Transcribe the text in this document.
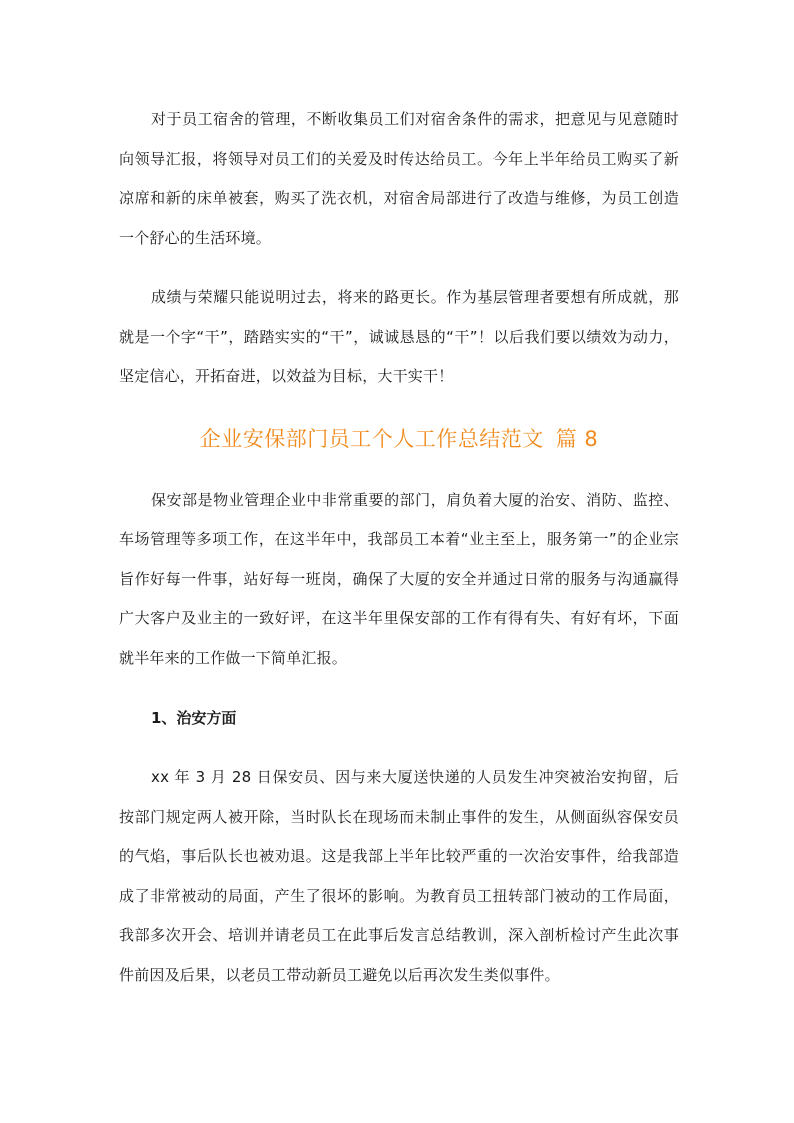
对于员工宿舍的管理，不断收集员工们对宿舍条件的需求，把意见与见意随时向领导汇报，将领导对员工们的关爱及时传达给员工。今年上半年给员工购买了新凉席和新的床单被套，购买了洗衣机，对宿舍局部进行了改造与维修，为员工创造一个舒心的生活环境。

成绩与荣耀只能说明过去，将来的路更长。作为基层管理者要想有所成就，那就是一个字“干”，踏踏实实的“干”，诚诚恳恳的“干”！以后我们要以绩效为动力，坚定信心，开拓奋进，以效益为目标，大干实干！

企业安保部门员工个人工作总结范文 篇 8

保安部是物业管理企业中非常重要的部门，肩负着大厦的治安、消防、监控、车场管理等多项工作，在这半年中，我部员工本着“业主至上，服务第一”的企业宗旨作好每一件事，站好每一班岗，确保了大厦的安全并通过日常的服务与沟通赢得广大客户及业主的一致好评，在这半年里保安部的工作有得有失、有好有坏，下面就半年来的工作做一下简单汇报。

1、治安方面

xx 年 3 月 28 日保安员、因与来大厦送快递的人员发生冲突被治安拘留，后按部门规定两人被开除，当时队长在现场而未制止事件的发生，从侧面纵容保安员的气焰，事后队长也被劝退。这是我部上半年比较严重的一次治安事件，给我部造成了非常被动的局面，产生了很坏的影响。为教育员工扭转部门被动的工作局面，我部多次开会、培训并请老员工在此事后发言总结教训，深入剖析检讨产生此次事件前因及后果，以老员工带动新员工避免以后再次发生类似事件。
